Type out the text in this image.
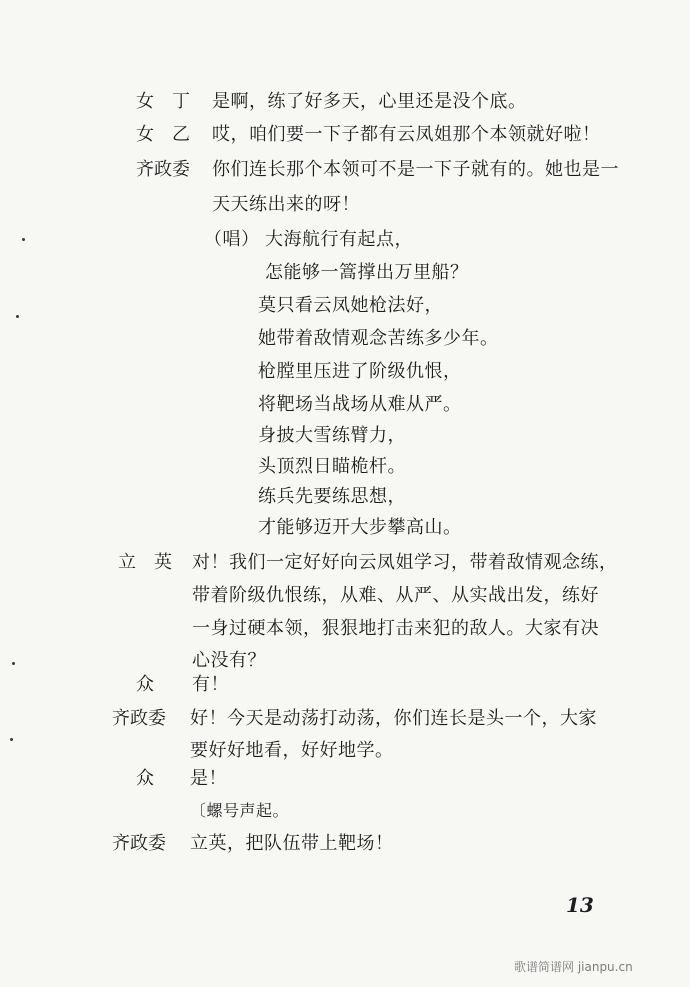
女　丁 是啊，练了好多天，心里还是没个底。
女　乙 哎，咱们要一下子都有云凤姐那个本领就好啦！
齐政委 你们连长那个本领可不是一下子就有的。她也是一
天天练出来的呀！
（唱） 大海航行有起点，
怎能够一篙撑出万里船？
莫只看云凤她枪法好，
她带着敌情观念苦练多少年。
枪膛里压进了阶级仇恨，
将靶场当战场从难从严。
身披大雪练臂力，
头顶烈日瞄桅杆。
练兵先要练思想，
才能够迈开大步攀高山。
立　英 对！我们一定好好向云凤姐学习，带着敌情观念练，
带着阶级仇恨练，从难、从严、从实战出发，练好
一身过硬本领，狠狠地打击来犯的敌人。大家有决
心没有？
众 有！
齐政委 好！今天是动荡打动荡，你们连长是头一个，大家
要好好地看，好好地学。
众 是！
〔螺号声起。
齐政委 立英，把队伍带上靶场！
13
歌谱简谱网 jianpu.cn
